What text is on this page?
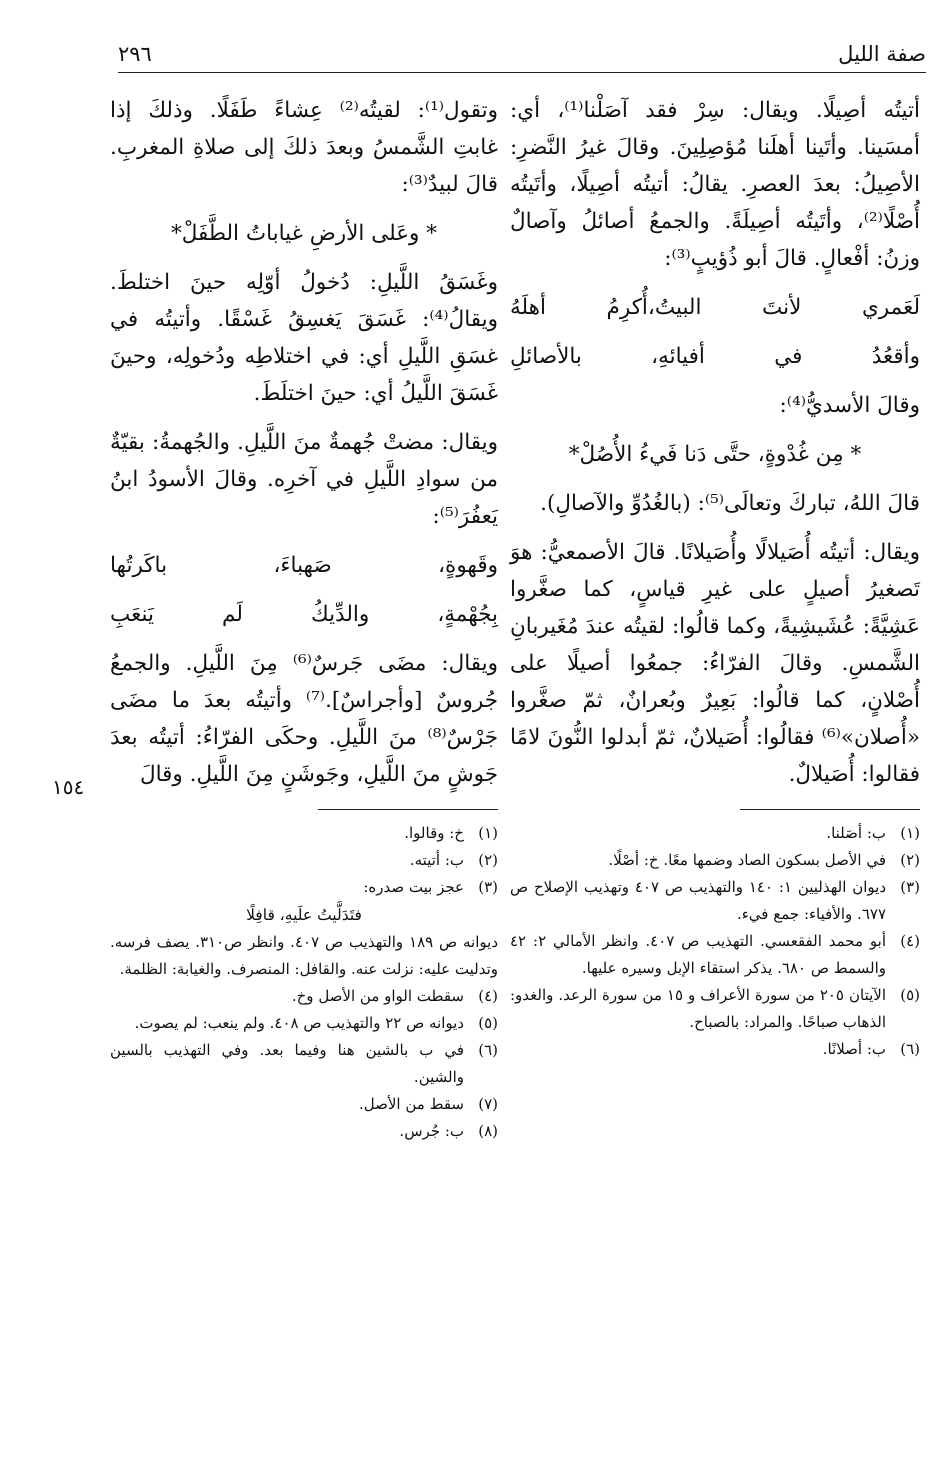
صفة الليل
٢٩٦

أتيتُه أصِيلًا. ويقال: سِرْ فقد آصَلْنا⁽¹⁾، أي: أمسَينا. وأتَينا أهلَنا مُؤصِلِينَ. وقالَ غيرُ النَّضرِ: الأصِيلُ: بعدَ العصرِ. يقالُ: أتيتُه أصِيلًا، وأتَيتُه أُصْلًا⁽²⁾، وأتَيتُه أصِيلَةً. والجمعُ أصائلُ وآصالٌ وزنُ: أفْعالٍ. قالَ أبو ذُؤيبٍ⁽³⁾:

لَعَمري لأنتَ البيتُ،أُكرِمُ أهلَهُ

وأقعُدُ في أفيائهِ، بالأصائلِ

وقالَ الأسديُّ⁽⁴⁾:

* مِن غُدْوةٍ، حتَّى دَنا فَيءُ الأُصُلْ*

قالَ اللهُ، تباركَ وتعالَى⁽⁵⁾: (بالغُدُوِّ والآصالِ).

ويقال: أتيتُه أُصَيلالًا وأُصَيلانًا. قالَ الأصمعيُّ: هوَ تَصغيرُ أصيلٍ على غيرِ قياسٍ، كما صغَّروا عَشِيَّةً: عُشَيشِيةً، وكما قالُوا: لقيتُه عندَ مُغَيربانِ الشَّمسِ. وقالَ الفرّاءُ: جمعُوا أصيلًا على أُصْلانٍ، كما قالُوا: بَعِيرٌ وبُعرانٌ، ثمّ صغَّروا «أُصلان»⁽⁶⁾ فقالُوا: أُصَيلانٌ، ثمّ أبدلوا النُّونَ لامًا فقالوا: أُصَيلالٌ.

(١)
ب: أصَلنا.

(٢)
في الأصل بسكون الصاد وضمها معًا. خ: أصْلًا.

(٣)
ديوان الهذليين ١: ١٤٠ والتهذيب ص ٤٠٧ وتهذيب الإصلاح ص ٦٧٧. والأفياء: جمع فيء.

(٤)
أبو محمد الفقعسي. التهذيب ص ٤٠٧. وانظر الأمالي ٢: ٤٢ والسمط ص ٦٨٠. يذكر استقاء الإبل وسيره عليها.

(٥)
الآيتان ٢٠٥ من سورة الأعراف و ١٥ من سورة الرعد. والغدو: الذهاب صباحًا. والمراد: بالصباح.

(٦)
ب: أصلانًا.

وتقول⁽¹⁾: لقيتُه⁽²⁾ عِشاءً طَفَلًا. وذلكَ إذا غابتِ الشَّمسُ وبعدَ ذلكَ إلى صلاةِ المغربِ. قالَ لبيدٌ⁽³⁾:

* وعَلى الأرضِ غياباتُ الطَّفَلْ*

وغَسَقُ اللَّيلِ: دُخولُ أوّلِه حينَ اختلطَ. ويقالُ⁽⁴⁾: غَسَقَ يَغسِقُ غَسْقًا. وأتيتُه في غسَقِ اللَّيلِ أي: في اختلاطِه ودُخولِه، وحينَ غَسَقَ اللَّيلُ أي: حينَ اختلَطَ.

ويقال: مضتْ جُهمةٌ منَ اللَّيلِ. والجُهمةُ: بقيّةٌ من سوادِ اللَّيلِ في آخرِه. وقالَ الأسودُ ابنُ يَعفُرَ⁽⁵⁾:

وقَهوةٍ، صَهباءَ، باكَرتُها

بِجُهْمةٍ، والدِّيكُ لَم يَنعَبِ

ويقال: مضَى جَرسٌ⁽⁶⁾ مِنَ اللَّيلِ. والجمعُ جُروسٌ [وأجراسٌ].⁽⁷⁾ وأتيتُه بعدَ ما مضَى جَرْسٌ⁽⁸⁾ منَ اللَّيلِ. وحكَى الفرّاءُ: أتيتُه بعدَ جَوشٍ منَ اللَّيلِ، وجَوشَنٍ مِنَ اللَّيلِ. وقالَ

(١)
خ: وقالوا.

(٢)
ب: أتيته.

(٣)
عجز بيت صدره:

فتَدَلَّيتُ علَيهِ، قافِلًا

ديوانه ص ١٨٩ والتهذيب ص ٤٠٧. وانظر ص٣١٠. يصف فرسه. وتدليت عليه: نزلت عنه. والقافل: المنصرف. والغيابة: الظلمة.

(٤)
سقطت الواو من الأصل وخ.

(٥)
ديوانه ص ٢٢ والتهذيب ص ٤٠٨. ولم ينعب: لم يصوت.

(٦)
في ب بالشين هنا وفيما بعد. وفي التهذيب بالسين والشين.

(٧)
سقط من الأصل.

(٨)
ب: جُرس.

١٥٤
